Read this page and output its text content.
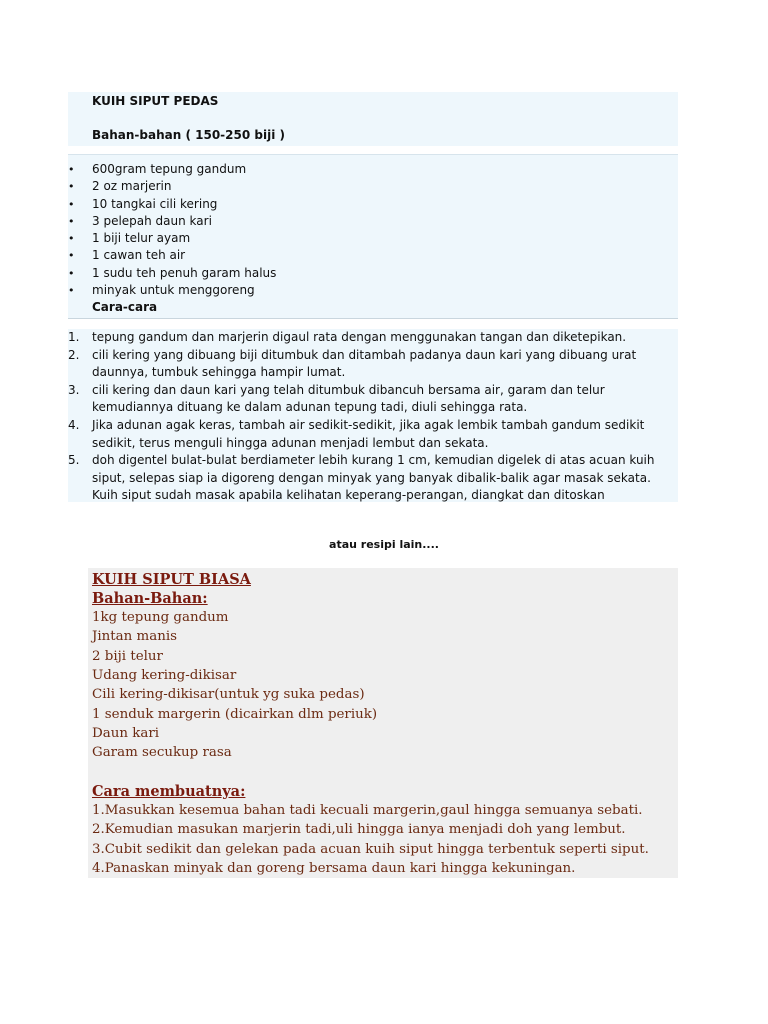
KUIH SIPUT PEDAS
Bahan-bahan ( 150-250 biji )
• 600gram tepung gandum
• 2 oz marjerin
• 10 tangkai cili kering
• 3 pelepah daun kari
• 1 biji telur ayam
• 1 cawan teh air
• 1 sudu teh penuh garam halus
• minyak untuk menggoreng
Cara-cara
1. tepung gandum dan marjerin digaul rata dengan menggunakan tangan dan diketepikan.
2. cili kering yang dibuang biji ditumbuk dan ditambah padanya daun kari yang dibuang urat daunnya, tumbuk sehingga hampir lumat.
3. cili kering dan daun kari yang telah ditumbuk dibancuh bersama air, garam dan telur kemudiannya dituang ke dalam adunan tepung tadi, diuli sehingga rata.
4. Jika adunan agak keras, tambah air sedikit-sedikit, jika agak lembik tambah gandum sedikit sedikit, terus menguli hingga adunan menjadi lembut dan sekata.
5. doh digentel bulat-bulat berdiameter lebih kurang 1 cm, kemudian digelek di atas acuan kuih siput, selepas siap ia digoreng dengan minyak yang banyak dibalik-balik agar masak sekata. Kuih siput sudah masak apabila kelihatan keperang-perangan, diangkat dan ditoskan
atau resipi lain....
KUIH SIPUT BIASA
Bahan-Bahan:
1kg tepung gandum
Jintan manis
2 biji telur
Udang kering-dikisar
Cili kering-dikisar(untuk yg suka pedas)
1 senduk margerin (dicairkan dlm periuk)
Daun kari
Garam secukup rasa
Cara membuatnya:
1.Masukkan kesemua bahan tadi kecuali margerin,gaul hingga semuanya sebati.
2.Kemudian masukan marjerin tadi,uli hingga ianya menjadi doh yang lembut.
3.Cubit sedikit dan gelekan pada acuan kuih siput hingga terbentuk seperti siput.
4.Panaskan minyak dan goreng bersama daun kari hingga kekuningan.
